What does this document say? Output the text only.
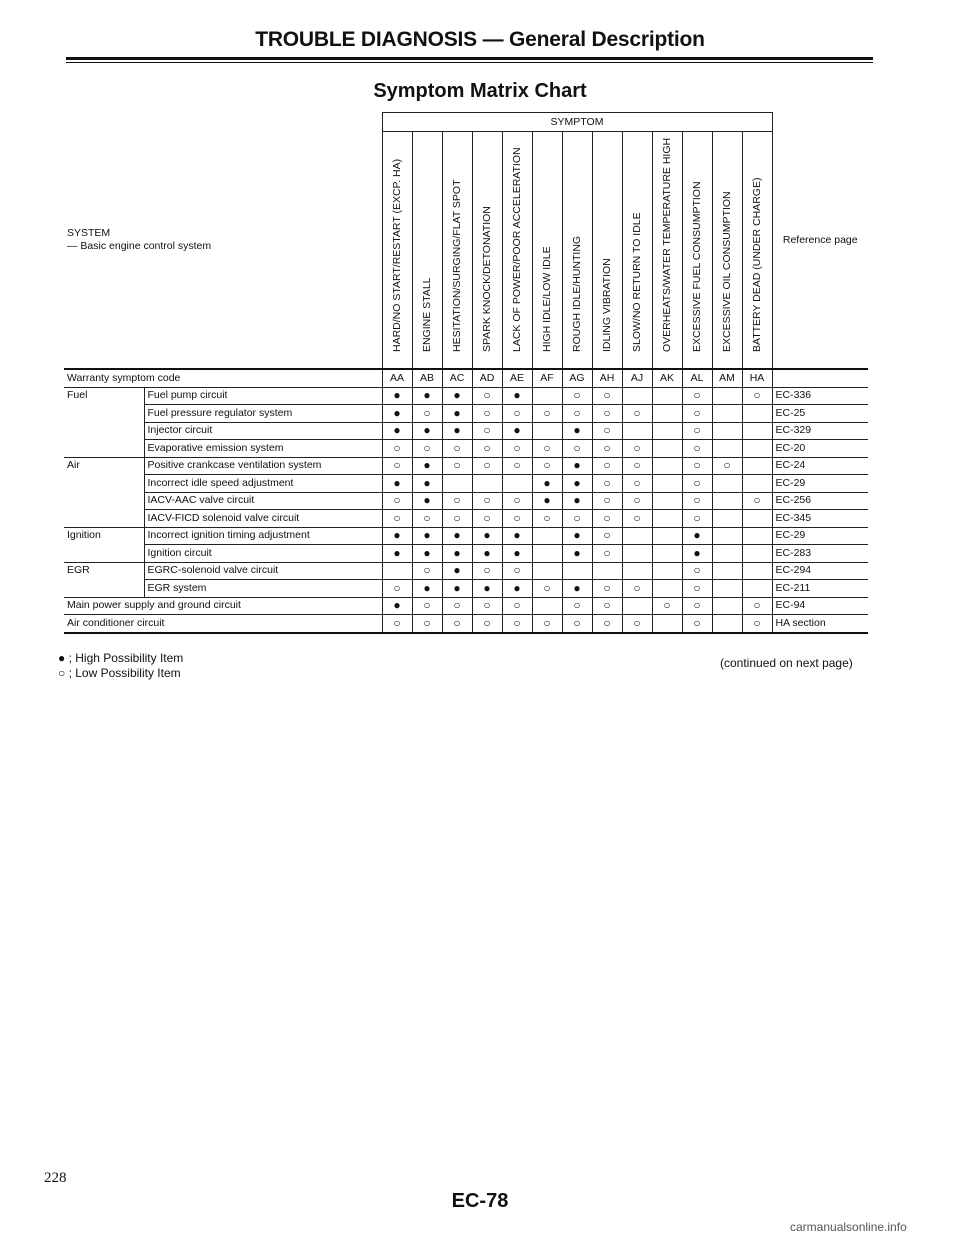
TROUBLE DIAGNOSIS — General Description
Symptom Matrix Chart
SYSTEM
— Basic engine control system		SYMPTOM													Reference page

		HARD/NO START/RESTART (EXCP. HA)	ENGINE STALL	HESITATION/SURGING/FLAT SPOT	SPARK KNOCK/DETONATION	LACK OF POWER/POOR ACCELERATION	HIGH IDLE/LOW IDLE	ROUGH IDLE/HUNTING	IDLING VIBRATION	SLOW/NO RETURN TO IDLE	OVERHEATS/WATER TEMPERATURE HIGH	EXCESSIVE FUEL CONSUMPTION	EXCESSIVE OIL CONSUMPTION	BATTERY DEAD (UNDER CHARGE)	

Warranty symptom code		AA	AB	AC	AD	AE	AF	AG	AH	AJ	AK	AL	AM	HA	
Fuel	Fuel pump circuit	●	●	●	○	●		○	○			○		○	EC-336
	Fuel pressure regulator system	●	○	●	○	○	○	○	○	○		○			EC-25
	Injector circuit	●	●	●	○	●		●	○			○			EC-329
	Evaporative emission system	○	○	○	○	○	○	○	○	○		○			EC-20
Air	Positive crankcase ventilation system	○	●	○	○	○	○	●	○	○		○	○		EC-24
	Incorrect idle speed adjustment	●	●				●	●	○	○		○			EC-29
	IACV-AAC valve circuit	○	●	○	○	○	●	●	○	○		○		○	EC-256
	IACV-FICD solenoid valve circuit	○	○	○	○	○	○	○	○	○		○			EC-345
Ignition	Incorrect ignition timing adjustment	●	●	●	●	●		●	○			●			EC-29
	Ignition circuit	●	●	●	●	●		●	○			●			EC-283
EGR	EGRC-solenoid valve circuit		○	●	○	○						○			EC-294
	EGR system	○	●	●	●	●	○	●	○	○		○			EC-211
Main power supply and ground circuit		●	○	○	○	○		○	○		○	○		○	EC-94
Air conditioner circuit		○	○	○	○	○	○	○	○	○		○		○	HA section
● ; High Possibility Item
○ ; Low Possibility Item
(continued on next page)
228
EC-78
carmanualsonline.info
